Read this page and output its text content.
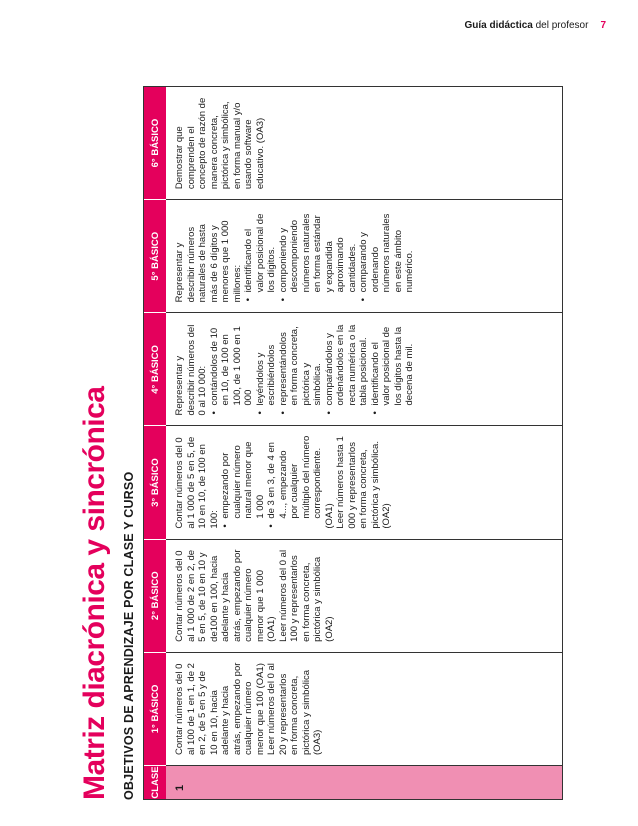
Guía didáctica del profesor 7
Matriz diacrónica y sincrónica OBJETIVOS DE APRENDIZAJE POR CLASE Y CURSO	CLASE
1° BÁSICO
2° BÁSICO
3° BÁSICO
4° BÁSICO
5° BÁSICO
6° BÁSICO
1

Contar números del 0 al 100 de 1 en 1, de 2 en 2, de 5 en 5 y de 10 en 10, hacia adelante y hacia atrás, empezando por cualquier número menor que 100 (OA1) Leer números del 0 al 20 y representarlos en forma concreta, pictórica y simbólica (OA3)

Contar números del 0 al 1 000 de 2 en 2, de 5 en 5, de 10 en 10 y de100 en 100, hacia adelante y hacia atrás, empezando por cualquier número menor que 1 000 (OA1) Leer números del 0 al 100 y representarlos en forma concreta, pictórica y simbólica (OA2)

Contar números del 0 al 1 000 de 5 en 5, de 10 en 10, de 100 en 100:

• empezando por cualquier número natural menor que 1 000 • de 3 en 3, de 4 en 4..., empezando por cualquier múltiplo del número correspondiente. (OA1) Leer números hasta 1 000 y representarlos en forma concreta, pictórica y simbólica. (OA2)

Representar y describir números del 0 al 10 000: • contándolos de 10 en 10, de 100 en 100, de 1 000 en 1 000 • leyéndolos y escribiéndolos • representándolos en forma concreta, pictórica y simbólica. • comparándolos y ordenándolos en la recta numérica o la tabla posicional. • identificando el valor posicional de los dígitos hasta la decena de mil.

Representar y describir números naturales de hasta más de 6 dígitos y menores que 1 000 millones: • identificando el valor posicional de los dígitos. • componiendo y descomponiendo números naturales en forma estándar y expandida aproximando cantidades. • comparando y ordenando números naturales en este ámbito numérico.

Demostrar que comprenden el concepto de razón de manera concreta, pictórica y simbólica, en forma manual y/o usando software educativo. (OA3)
